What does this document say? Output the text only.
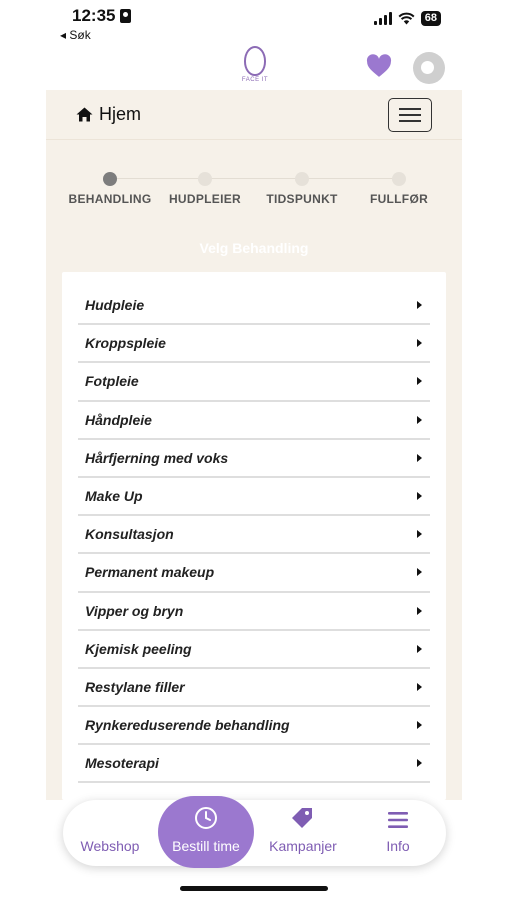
12:35
◂ Søk
68
FACE IT
Hjem
BEHANDLING	HUDPLEIER	TIDSPUNKT	FULLFØR
Velg Behandling
Hudpleie
Kroppspleie
Fotpleie
Håndpleie
Hårfjerning med voks
Make Up
Konsultasjon
Permanent makeup
Vipper og bryn
Kjemisk peeling
Restylane filler
Rynkereduserende behandling
Mesoterapi
Webshop	Bestill time	Kampanjer	Info
